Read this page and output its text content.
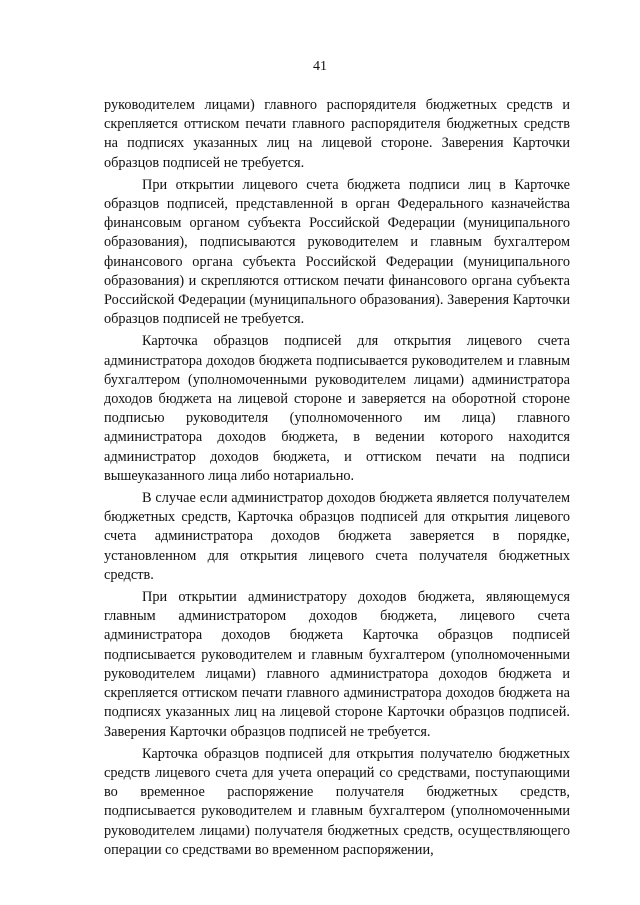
41

руководителем лицами) главного распорядителя бюджетных средств и скрепляется оттиском печати главного распорядителя бюджетных средств на подписях указанных лиц на лицевой стороне. Заверения Карточки образцов подписей не требуется.

При открытии лицевого счета бюджета подписи лиц в Карточке образцов подписей, представленной в орган Федерального казначейства финансовым органом субъекта Российской Федерации (муниципального образования), подписываются руководителем и главным бухгалтером финансового органа субъекта Российской Федерации (муниципального образования) и скрепляются оттиском печати финансового органа субъекта Российской Федерации (муниципального образования). Заверения Карточки образцов подписей не требуется.

Карточка образцов подписей для открытия лицевого счета администратора доходов бюджета подписывается руководителем и главным бухгалтером (уполномоченными руководителем лицами) администратора доходов бюджета на лицевой стороне и заверяется на оборотной стороне подписью руководителя (уполномоченного им лица) главного администратора доходов бюджета, в ведении которого находится администратор доходов бюджета, и оттиском печати на подписи вышеуказанного лица либо нотариально.

В случае если администратор доходов бюджета является получателем бюджетных средств, Карточка образцов подписей для открытия лицевого счета администратора доходов бюджета заверяется в порядке, установленном для открытия лицевого счета получателя бюджетных средств.

При открытии администратору доходов бюджета, являющемуся главным администратором доходов бюджета, лицевого счета администратора доходов бюджета Карточка образцов подписей подписывается руководителем и главным бухгалтером (уполномоченными руководителем лицами) главного администратора доходов бюджета и скрепляется оттиском печати главного администратора доходов бюджета на подписях указанных лиц на лицевой стороне Карточки образцов подписей. Заверения Карточки образцов подписей не требуется.

Карточка образцов подписей для открытия получателю бюджетных средств лицевого счета для учета операций со средствами, поступающими во временное распоряжение получателя бюджетных средств, подписывается руководителем и главным бухгалтером (уполномоченными руководителем лицами) получателя бюджетных средств, осуществляющего операции со средствами во временном распоряжении,
